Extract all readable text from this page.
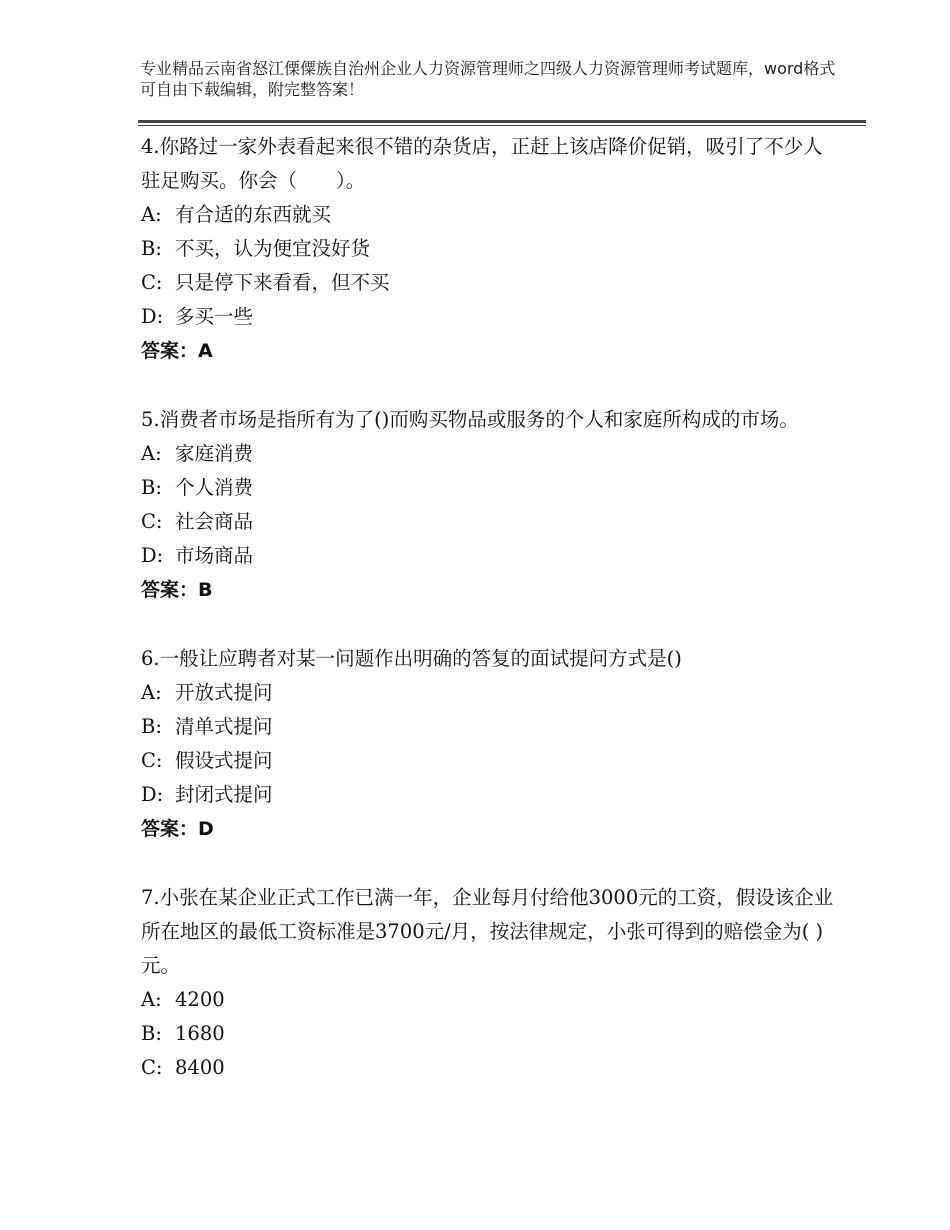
专业精品云南省怒江傈僳族自治州企业人力资源管理师之四级人力资源管理师考试题库，word格式可自由下载编辑，附完整答案！
4.你路过一家外表看起来很不错的杂货店，正赶上该店降价促销，吸引了不少人驻足购买。你会（　　）。
A: 有合适的东西就买
B: 不买，认为便宜没好货
C: 只是停下来看看，但不买
D: 多买一些
答案：A
5.消费者市场是指所有为了()而购买物品或服务的个人和家庭所构成的市场。
A: 家庭消费
B: 个人消费
C: 社会商品
D: 市场商品
答案：B
6.一般让应聘者对某一问题作出明确的答复的面试提问方式是()
A: 开放式提问
B: 清单式提问
C: 假设式提问
D: 封闭式提问
答案：D
7.小张在某企业正式工作已满一年，企业每月付给他3000元的工资，假设该企业所在地区的最低工资标准是3700元/月，按法律规定，小张可得到的赔偿金为( )元。
A: 4200
B: 1680
C: 8400
